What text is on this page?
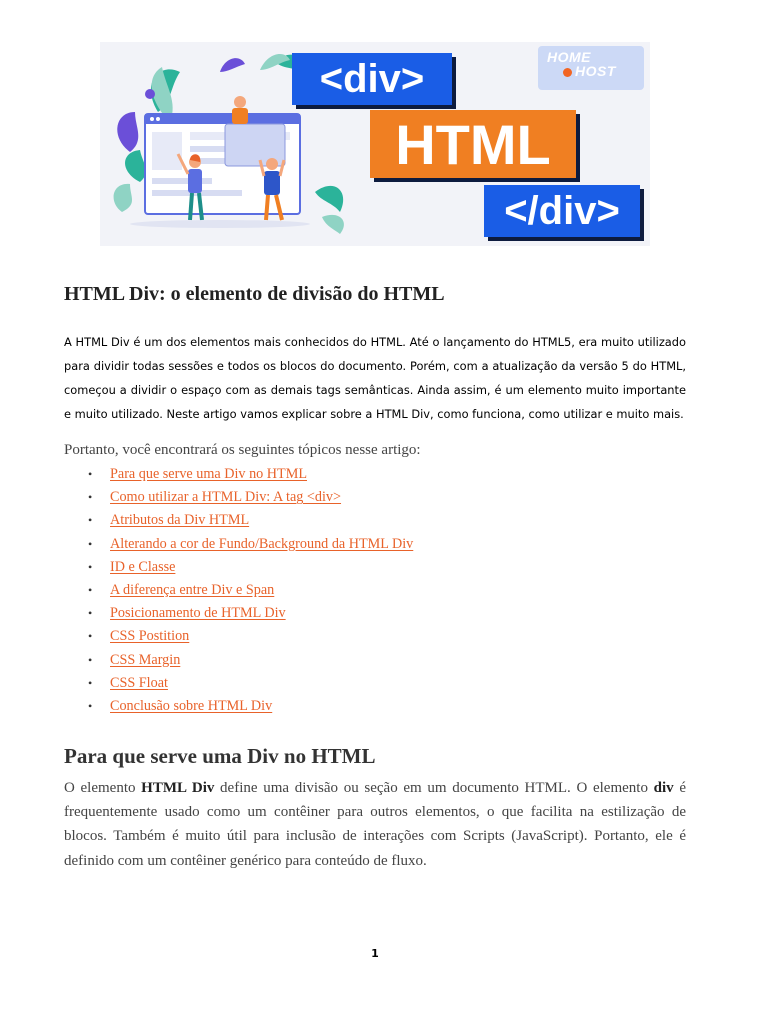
HOME
HOST
<div>
HTML
</div>
HTML Div: o elemento de divisão do HTML

A HTML Div é um dos elementos mais conhecidos do HTML. Até o lançamento do HTML5, era muito utilizado para dividir todas sessões e todos os blocos do documento. Porém, com a atualização da versão 5 do HTML, começou a dividir o espaço com as demais tags semânticas. Ainda assim, é um elemento muito importante e muito utilizado. Neste artigo vamos explicar sobre a HTML Div, como funciona, como utilizar e muito mais.

Portanto, você encontrará os seguintes tópicos nesse artigo:

•	Para que serve uma Div no HTML
•	Como utilizar a HTML Div: A tag <div>
•	Atributos da Div HTML
•	Alterando a cor de Fundo/Background da HTML Div
•	ID e Classe
•	A diferença entre Div e Span
•	Posicionamento de HTML Div
•	CSS Postition
•	CSS Margin
•	CSS Float
•	Conclusão sobre HTML Div
Para que serve uma Div no HTML

O elemento HTML Div define uma divisão ou seção em um documento HTML. O elemento div é frequentemente usado como um contêiner para outros elementos, o que facilita na estilização de blocos. Também é muito útil para inclusão de interações com Scripts (JavaScript). Portanto, ele é definido com um contêiner genérico para conteúdo de fluxo.

1
